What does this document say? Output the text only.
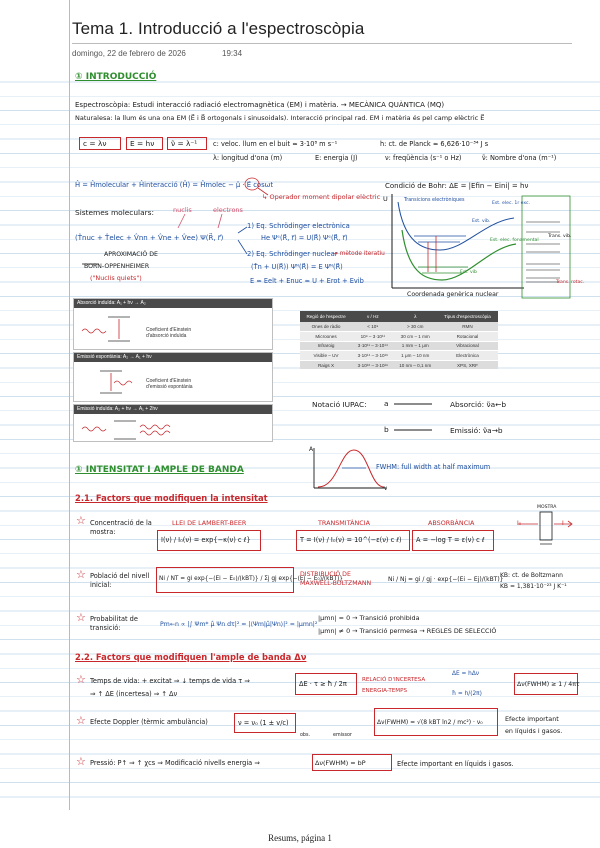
Tema 1. Introducció a l'espectroscòpia
domingo, 22 de febrero de 2026	19:34
① INTRODUCCIÓ
Espectroscòpia: Estudi interacció radiació electromagnètica (EM) i matèria. → MECÀNICA QUÀNTICA (MQ)
Naturalesa: la llum és una ona EM (E⃗ i B⃗ ortogonals i sinusoidals). Interacció principal rad. EM i matèria és pel camp elèctric E⃗
c = λν	E = hν ν̃ = λ⁻¹ c: veloc. llum en el buit ≃ 3·10⁸ m s⁻¹	h: ct. de Planck ≃ 6,626·10⁻³⁴ J s
λ: longitud d'ona (m)	E: energia (J)	ν: freqüència (s⁻¹ o Hz)	ν̃: Nombre d'ona (m⁻¹)
Ĥ = Ĥmolecular + Ĥinteracció (Ĥ) = Ĥmolec − μ̂ · E⃗ cosωt
↳ Operador moment dipolar elèctric
Condició de Bohr: ΔE = |Efin − Eini| = hν
Sistemes moleculars:	nuclis	electrons
(T̂nuc + T̂elec + V̂nn + V̂ne + V̂ee) Ψ(R⃗, r⃗)
1) Eq. Schrödinger electrònica
He Ψᵉ(R⃗, r⃗) = U(R⃗) Ψᵉ(R⃗, r⃗)
2) Eq. Schrödinger nuclear
→ mètode iteratiu
(T̂n + U(R⃗)) Ψᴺ(R⃗) = E Ψᴺ(R⃗)
E ≃ Eelt + Enuc ≃ U + Erot + Evib
APROXIMACIÓ DE
BORN-OPPENHEIMER
("Nuclis quiets")
U	Transicions electròniques
Est. elec. 1r exc.
Est. vib.
Est. elec. fonamental
Est. vib
Trans. vib.
Trans. rotac.
Coordenada genèrica nuclear
Absorció induïda: A₁ + hν → A₂
Coeficient d'Einstein
d'absorció induïda
Emissió espontània: A₂ → A₁ + hν
Coeficient d'Einstein
d'emissió espontània
Emissió induïda: A₂ + hν → A₁ + 2hν
Regió de l'espectre	ν / Hz	λ	Tipus d'espectroscòpia
Ones de ràdio	< 10⁹	> 30 cm	RMN
Microones	10⁹ – 3·10¹¹	30 cm – 1 mm	Rotacional
Infraroig	3·10¹¹ – 3·10¹⁴	1 mm – 1 μm	Vibracional
Visible – UV	3·10¹⁴ – 3·10¹⁶	1 μm – 10 nm	Electrònica
Raigs X	3·10¹⁶ – 3·10¹⁹	10 nm – 0,1 nm	XPS, XRF
Notació IUPAC: a
b
Absorció: ν̃a←b
Emissió: ν̃a→b
① INTENSITAT I AMPLE DE BANDA
A
ν
FWHM: full width at half maximum
2.1. Factors que modifiquen la intensitat
☆ Concentració de la mostra:
LLEI DE LAMBERT-BEER
I(ν) / I₀(ν) = exp{−κ(ν) c ℓ}
TRANSMITÀNCIA
T = I(ν) / I₀(ν) = 10^(−ε(ν) c ℓ)
ABSORBÀNCIA
A = −log T = ε(ν) c ℓ
MOSTRA
I₀	I
☆ Població del nivell inicial:
Ni / NT = gi exp{−(Ei − E₀)/(kBT)} / Σj gj exp{−(Ej − E₀)/(kBT)}
DISTRIBUCIÓ DE MAXWELL-BOLTZMANN
Ni / Nj = gi / gj · exp{−(Ei − Ej)/(kBT)}
KB: ct. de Boltzmann
KB = 1,381·10⁻²³ J K⁻¹
☆ Probabilitat de transició:	Pm←n ∝ |∫ Ψm* μ̂ Ψn dτ|² = |⟨Ψm|μ̂|Ψn⟩|² = |μmn|²
|μmn| = 0 → Transició prohibida
|μmn| ≠ 0 → Transició permesa → REGLES DE SELECCIÓ
2.2. Factors que modifiquen l'ample de banda Δν
☆ Temps de vida: + excitat ⇒ ↓ temps de vida τ ⇒
⇒ ↑ ΔE (incertesa) ⇒ ↑ Δν
ΔE · τ ≥ ħ / 2π	RELACIÓ D'INCERTESA
ENERGIA-TEMPS
ΔE = hΔν
ħ = h/(2π)
Δν(FWHM) ≥ 1 / 4πτ
☆ Efecte Doppler (tèrmic ambulància)	ν = ν₀ (1 ± v/c)
obs.	emissor
Δν(FWHM) = √(8 kBT ln2 / mc²) · ν₀	Efecte important
en líquids i gasos.
☆ Pressió: P↑ ⇒ ↑ χcs ⇒ Modificació nivells energia ⇒	Δν(FWHM) = bP	Efecte important en líquids i gasos.
Resums, página 1
